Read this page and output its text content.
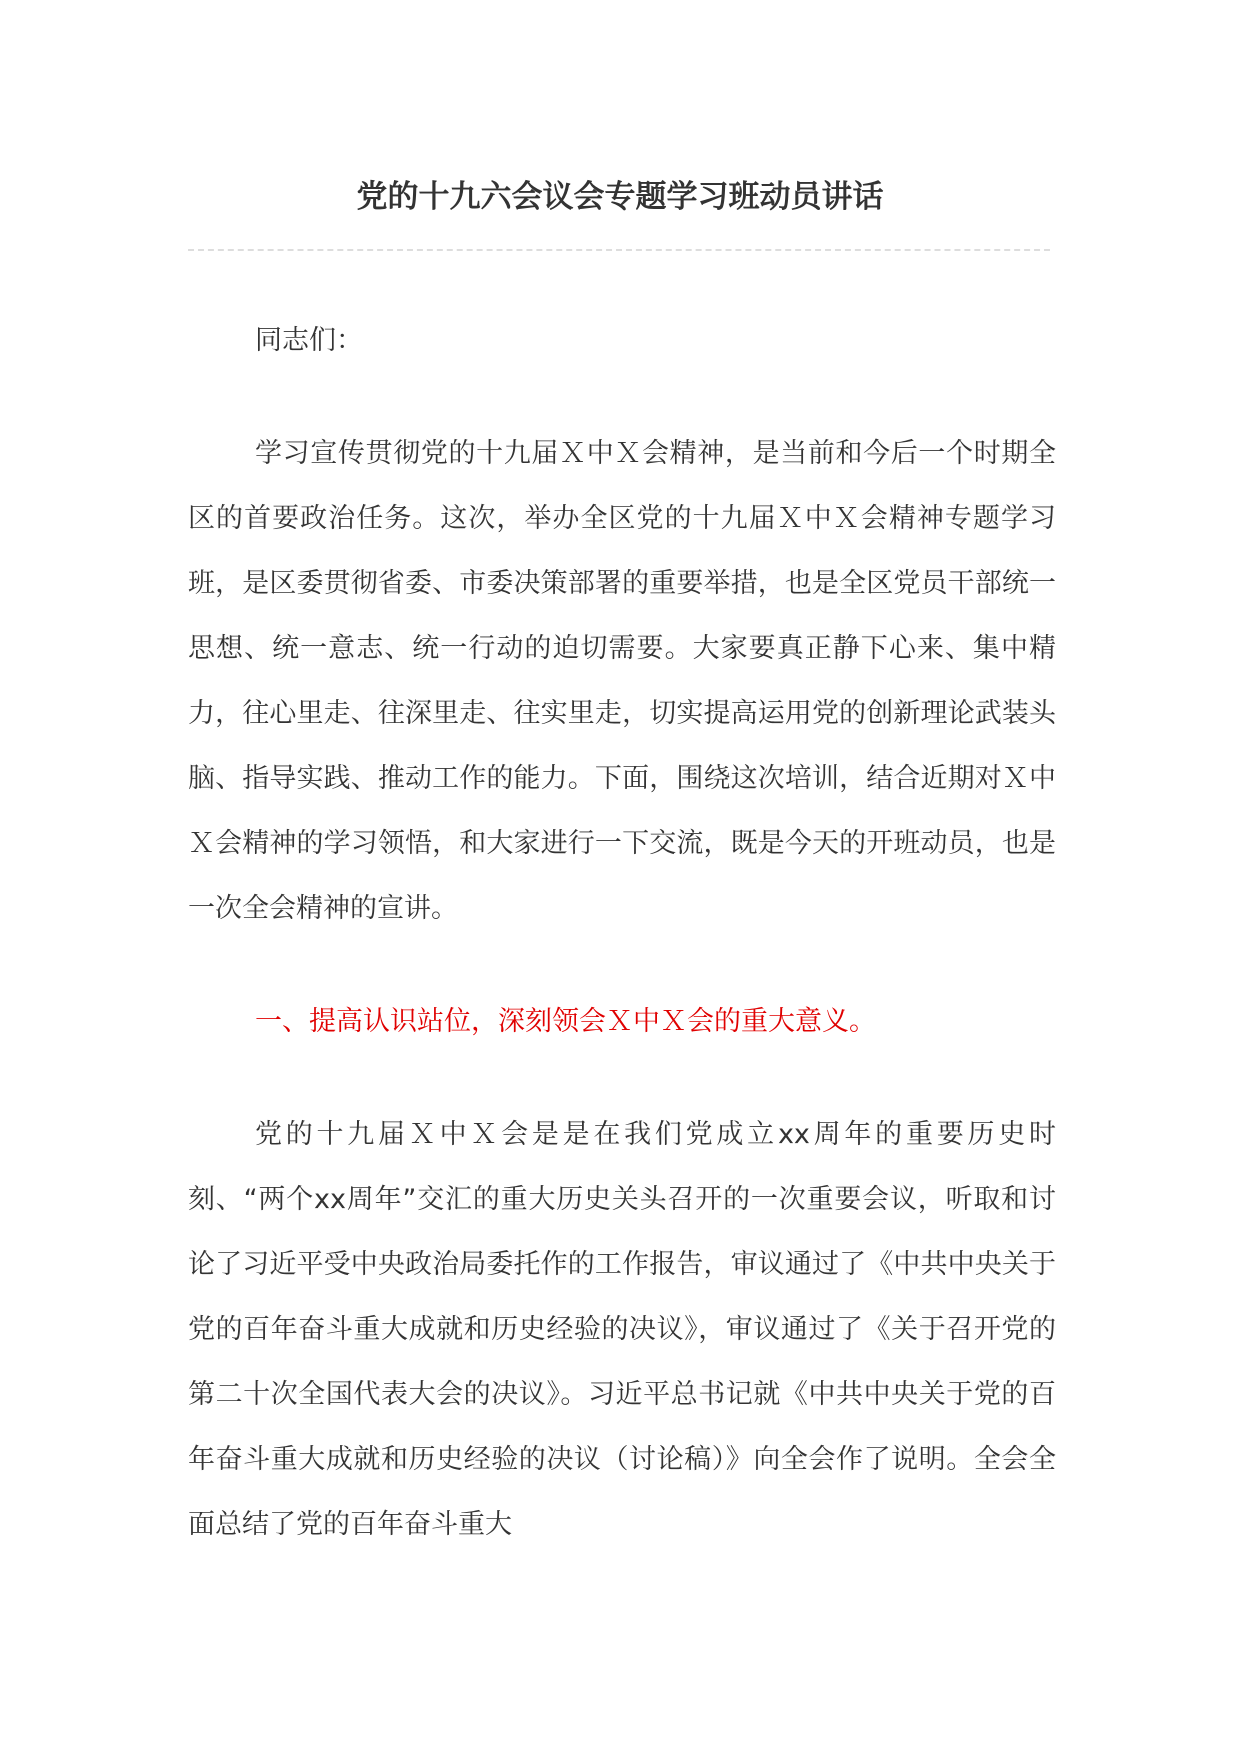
党的十九六会议会专题学习班动员讲话

同志们：

学习宣传贯彻党的十九届Ｘ中Ｘ会精神，是当前和今后一个时期全区的首要政治任务。这次，举办全区党的十九届Ｘ中Ｘ会精神专题学习班，是区委贯彻省委、市委决策部署的重要举措，也是全区党员干部统一思想、统一意志、统一行动的迫切需要。大家要真正静下心来、集中精力，往心里走、往深里走、往实里走，切实提高运用党的创新理论武装头脑、指导实践、推动工作的能力。下面，围绕这次培训，结合近期对Ｘ中Ｘ会精神的学习领悟，和大家进行一下交流，既是今天的开班动员，也是一次全会精神的宣讲。

一、提高认识站位，深刻领会Ｘ中Ｘ会的重大意义。

党的十九届Ｘ中Ｘ会是是在我们党成立xx周年的重要历史时刻、“两个xx周年”交汇的重大历史关头召开的一次重要会议，听取和讨论了习近平受中央政治局委托作的工作报告，审议通过了《中共中央关于党的百年奋斗重大成就和历史经验的决议》，审议通过了《关于召开党的第二十次全国代表大会的决议》。习近平总书记就《中共中央关于党的百年奋斗重大成就和历史经验的决议（讨论稿）》向全会作了说明。全会全面总结了党的百年奋斗重大
